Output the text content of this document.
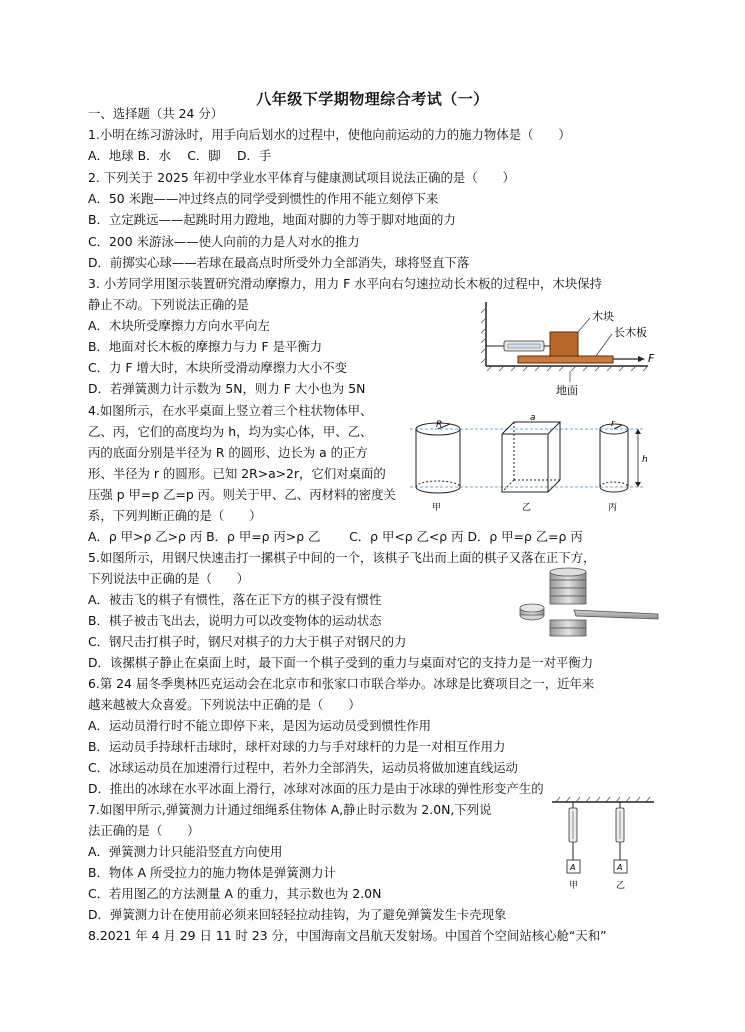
八年级下学期物理综合考试（一）
一、选择题（共 24 分）
1.小明在练习游泳时，用手向后划水的过程中，使他向前运动的力的施力物体是（　　）
A．地球 B．水　 C．脚　 D．手
2. 下列关于 2025 年初中学业水平体育与健康测试项目说法正确的是（　　）
A．50 米跑——冲过终点的同学受到惯性的作用不能立刻停下来
B．立定跳远——起跳时用力蹬地，地面对脚的力等于脚对地面的力
C．200 米游泳——使人向前的力是人对水的推力
D．前掷实心球——若球在最高点时所受外力全部消失，球将竖直下落
3. 小芳同学用图示装置研究滑动摩擦力，用力 F 水平向右匀速拉动长木板的过程中，木块保持
静止不动。下列说法正确的是
A．木块所受摩擦力方向水平向左
B．地面对长木板的摩擦力与力 F 是平衡力
C．力 F 增大时，木块所受滑动摩擦力大小不变
D．若弹簧测力计示数为 5N，则力 F 大小也为 5N
4.如图所示，在水平桌面上竖立着三个柱状物体甲、
乙、丙，它们的高度均为 h，均为实心体，甲、乙、
丙的底面分别是半径为 R 的圆形、边长为 a 的正方
形、半径为 r 的圆形。已知 2R>a>2r，它们对桌面的
压强 p 甲=p 乙=p 丙。则关于甲、乙、丙材料的密度关
系，下列判断正确的是（　　）
A．ρ 甲>ρ 乙>ρ 丙 B．ρ 甲=ρ 丙>ρ 乙　　 C．ρ 甲<ρ 乙<ρ 丙 D．ρ 甲=ρ 乙=ρ 丙
5.如图所示，用钢尺快速击打一摞棋子中间的一个，该棋子飞出而上面的棋子又落在正下方，
下列说法中正确的是（　　）
A．被击飞的棋子有惯性，落在正下方的棋子没有惯性
B．棋子被击飞出去，说明力可以改变物体的运动状态
C．钢尺击打棋子时，钢尺对棋子的力大于棋子对钢尺的力
D．该摞棋子静止在桌面上时，最下面一个棋子受到的重力与桌面对它的支持力是一对平衡力
6.第 24 届冬季奥林匹克运动会在北京市和张家口市联合举办。冰球是比赛项目之一，近年来
越来越被大众喜爱。下列说法中正确的是（　　）
A．运动员滑行时不能立即停下来，是因为运动员受到惯性作用
B．运动员手持球杆击球时，球杆对球的力与手对球杆的力是一对相互作用力
C．冰球运动员在加速滑行过程中，若外力全部消失，运动员将做加速直线运动
D．推出的冰球在水平冰面上滑行，冰球对冰面的压力是由于冰球的弹性形变产生的
7.如图甲所示,弹簧测力计通过细绳系住物体 A,静止时示数为 2.0N,下列说
法正确的是（　　）
A．弹簧测力计只能沿竖直方向使用
B．物体 A 所受拉力的施力物体是弹簧测力计
C．若用图乙的方法测量 A 的重力，其示数也为 2.0N
D．弹簧测力计在使用前必须来回轻轻拉动挂钩，为了避免弹簧发生卡壳现象
8.2021 年 4 月 29 日 11 时 23 分，中国海南文昌航天发射场。中国首个空间站核心舱“天和”
木块
长木板
F
地面
R
a
r
h
甲	乙	丙
A
甲
A
乙
